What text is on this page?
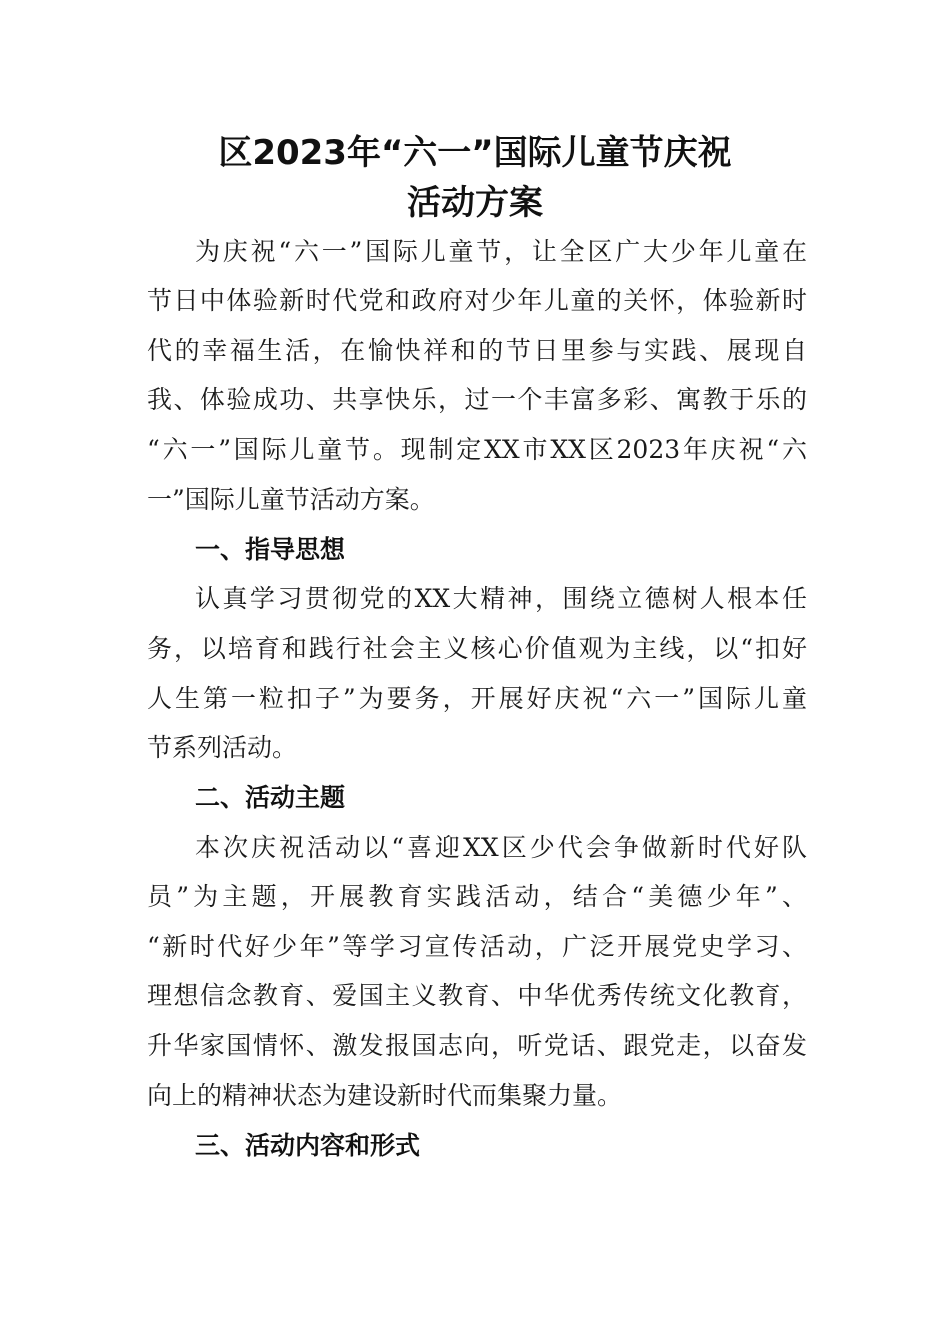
区2023年“六一”国际儿童节庆祝
活动方案
为庆祝“六一”国际儿童节，让全区广大少年儿童在
节日中体验新时代党和政府对少年儿童的关怀，体验新时
代的幸福生活，在愉快祥和的节日里参与实践、展现自
我、体验成功、共享快乐，过一个丰富多彩、寓教于乐的
“六一”国际儿童节。现制定XX市XX区2023年庆祝“六
一”国际儿童节活动方案。
一、指导思想
认真学习贯彻党的XX大精神，围绕立德树人根本任
务，以培育和践行社会主义核心价值观为主线，以“扣好
人生第一粒扣子”为要务，开展好庆祝“六一”国际儿童
节系列活动。
二、活动主题
本次庆祝活动以“喜迎XX区少代会争做新时代好队
员”为主题，开展教育实践活动，结合“美德少年”、
“新时代好少年”等学习宣传活动，广泛开展党史学习、
理想信念教育、爱国主义教育、中华优秀传统文化教育，
升华家国情怀、激发报国志向，听党话、跟党走，以奋发
向上的精神状态为建设新时代而集聚力量。
三、活动内容和形式
